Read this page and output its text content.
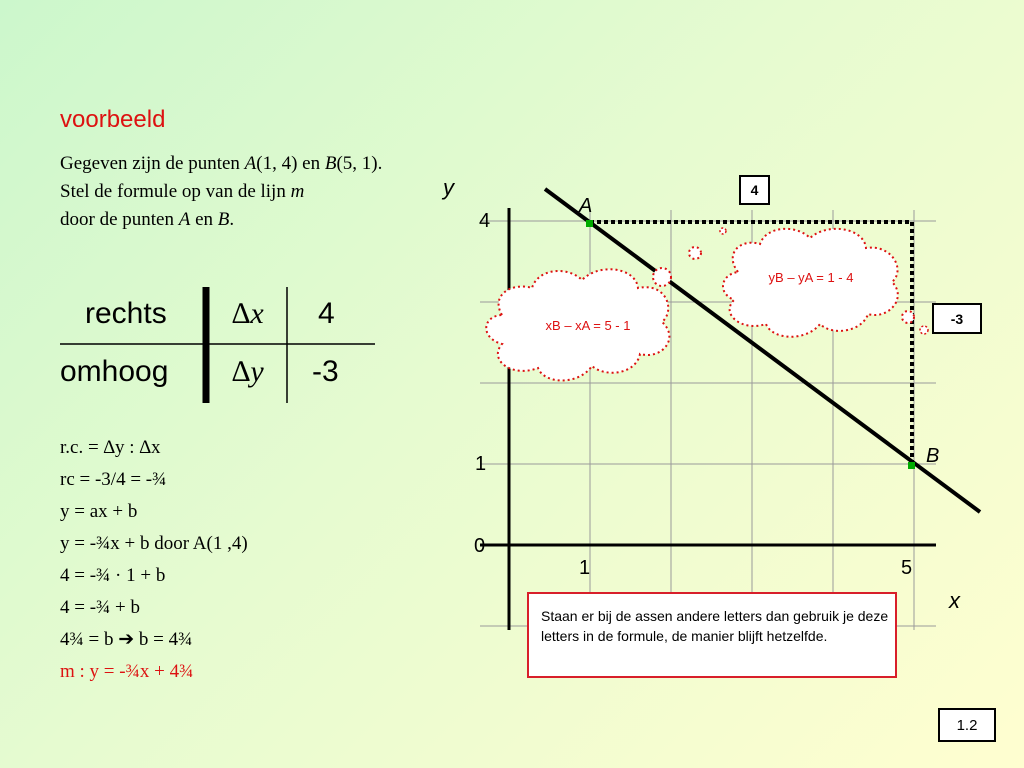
voorbeeld

Gegeven zijn de punten A(1, 4) en B(5, 1).

Stel de formule op van de lijn m

door de punten A en B.

rechts ∆x 4
omhoog ∆y -3
r.c. = ∆y : ∆x
rc = -3/4 = -¾
y = ax + b
y = -¾x + b door A(1 ,4)
4 = -¾ · 1 + b
4 = -¾ + b
4¾ = b ➔ b = 4¾
m : y = -¾x + 4¾
y
x
4
1
0
1	5
A
B
xB – xA = 5 - 1
yB – yA = 1 - 4
4
-3
Staan er bij de assen andere letters dan gebruik je deze letters in de formule, de manier blijft hetzelfde.
1.2
